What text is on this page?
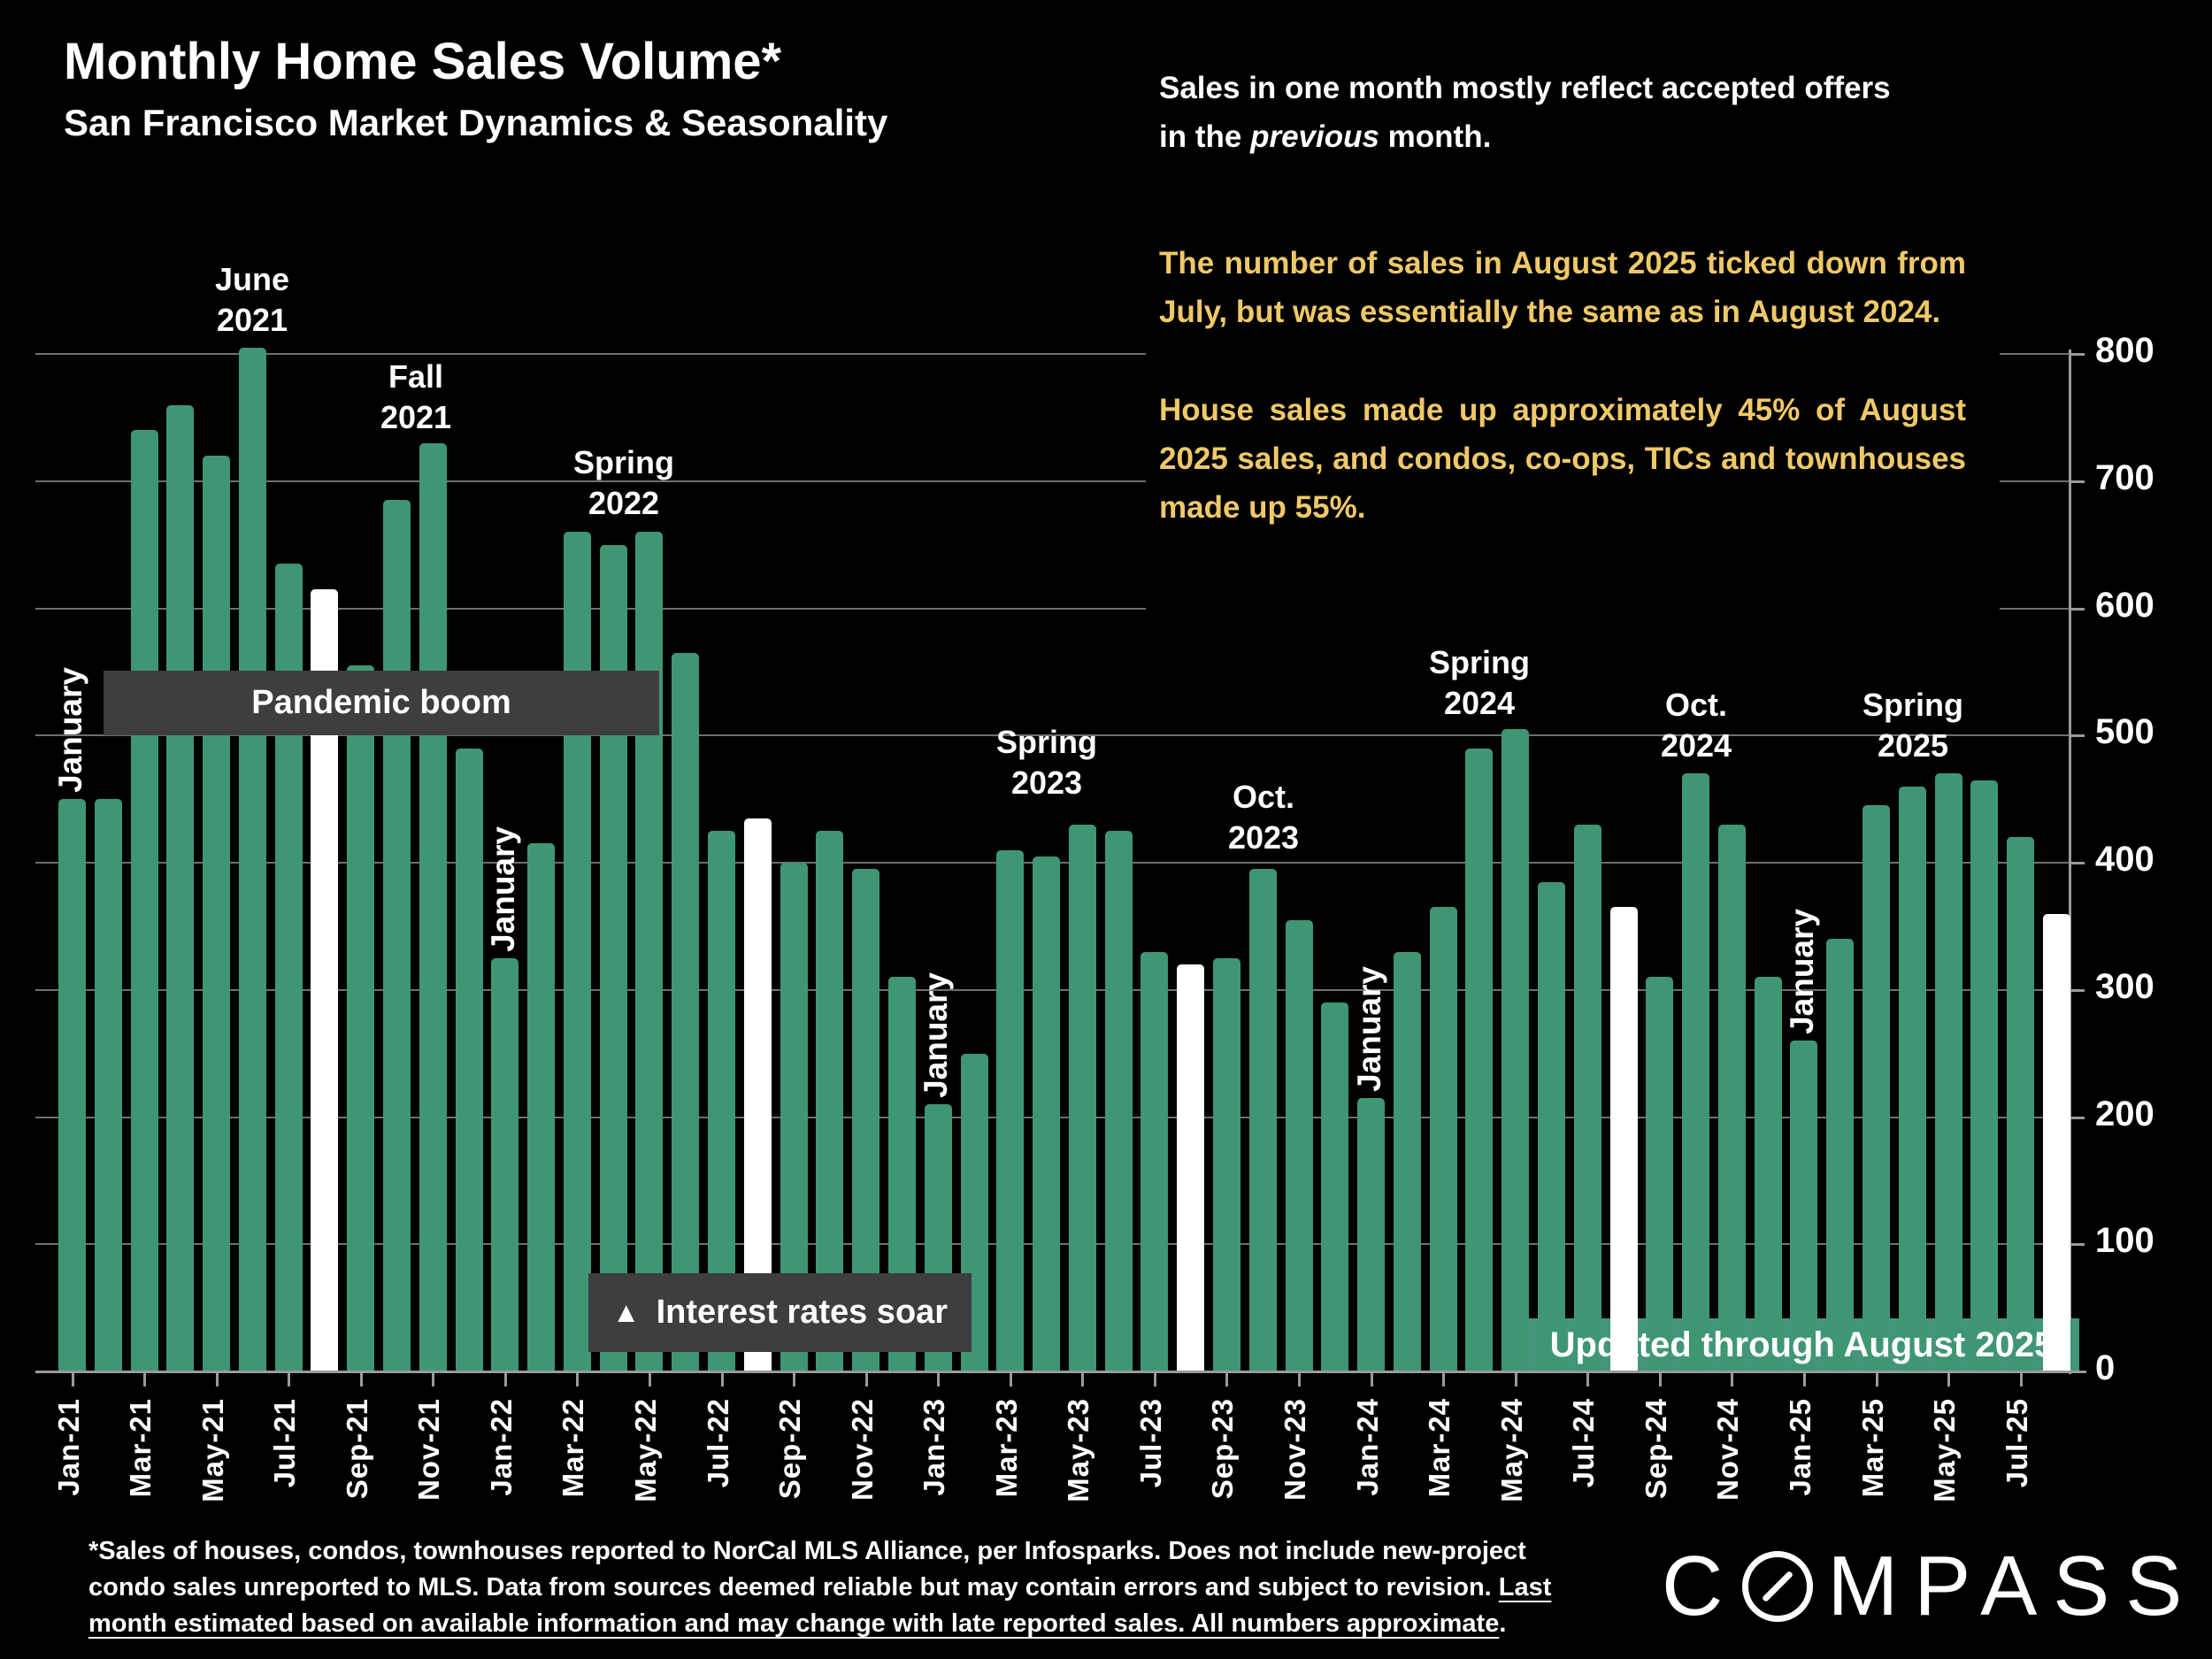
Monthly Home Sales Volume*
San Francisco Market Dynamics & Seasonality
Sales in one month mostly reflect accepted offers
in the previous month.
The number of sales in August 2025 ticked down from July, but was essentially the same as in August 2024.
House sales made up approximately 45% of August 2025 sales, and condos, co-ops, TICs and townhouses made up 55%.
Pandemic boom
▲ Interest rates soar
Updated through August 2025
0
100
200
300
400
500
600
700
800
Jan-21 Mar-21 May-21 Jul-21 Sep-21 Nov-21 Jan-22 Mar-22 May-22 Jul-22 Sep-22 Nov-22 Jan-23 Mar-23 May-23 Jul-23 Sep-23 Nov-23 Jan-24 Mar-24 May-24 Jul-24 Sep-24 Nov-24 Jan-25 Mar-25 May-25 Jul-25
January
January
January	January	January
June
2021
Fall
2021
Spring
2022
Spring
2023	Oct.
2023
Spring
2024	Oct.
2024
Spring
2025
*Sales of houses, condos, townhouses reported to NorCal MLS Alliance, per Infosparks. Does not include new-project
condo sales unreported to MLS. Data from sources deemed reliable but may contain errors and subject to revision. Last
month estimated based on available information and may change with late reported sales. All numbers approximate.	C MPASS
